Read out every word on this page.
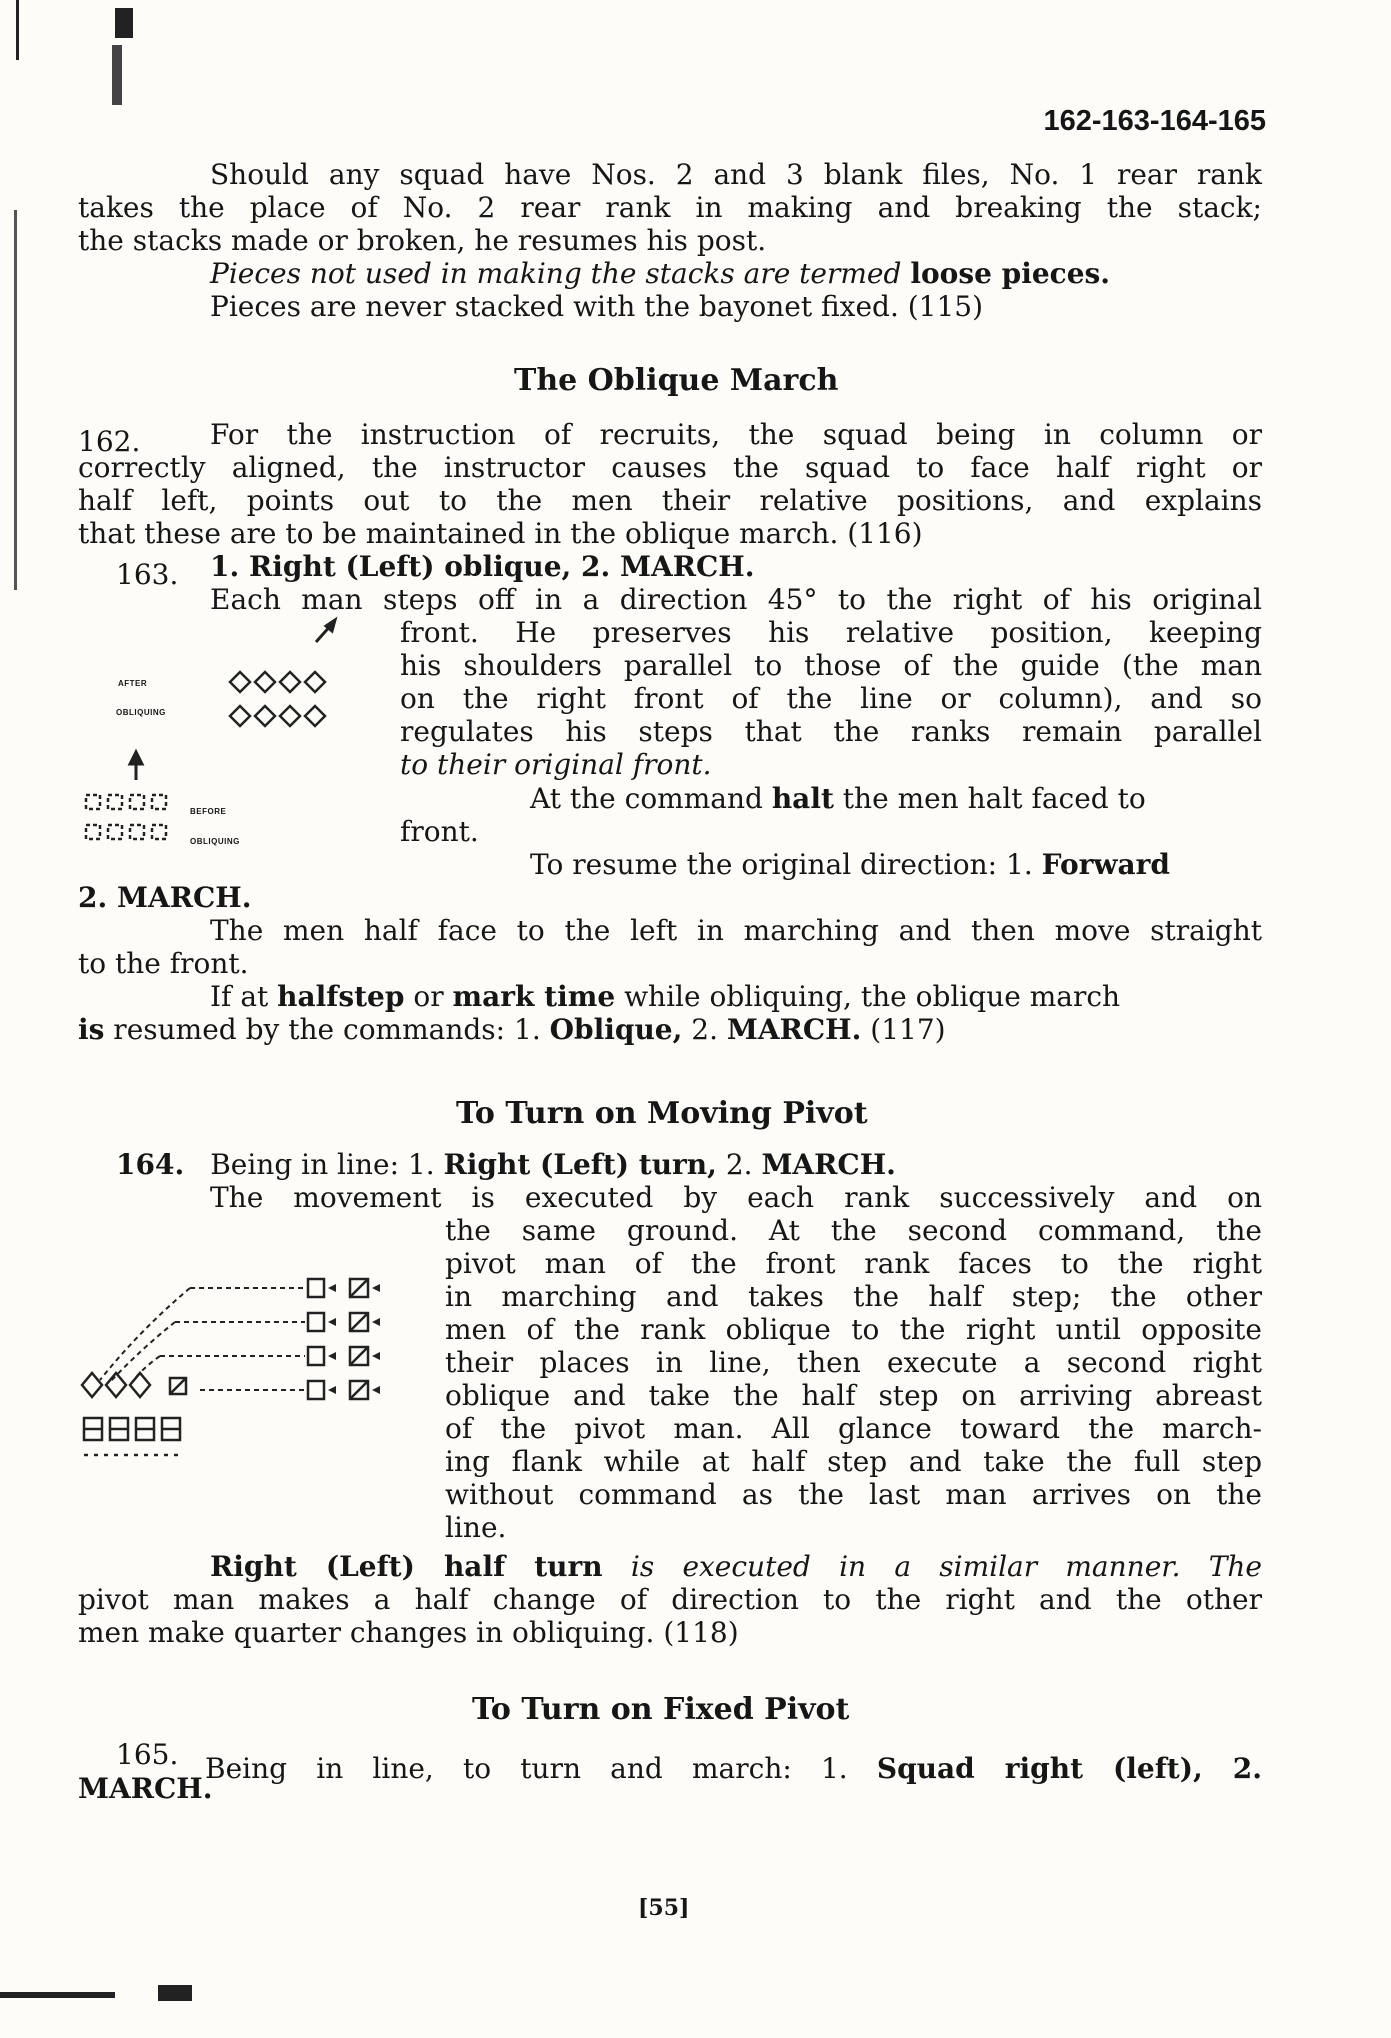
162-163-164-165
Should any squad have Nos. 2 and 3 blank files, No. 1 rear rank
takes the place of No. 2 rear rank in making and breaking the stack;
the stacks made or broken, he resumes his post.
Pieces not used in making the stacks are termed loose pieces.
Pieces are never stacked with the bayonet fixed. (115)
The Oblique March
162. For the instruction of recruits, the squad being in column or
correctly aligned, the instructor causes the squad to face half right or
half left, points out to the men their relative positions, and explains
that these are to be maintained in the oblique march. (116)
163. 1. Right (Left) oblique, 2. MARCH.
Each man steps off in a direction 45° to the right of his original
front. He preserves his relative position, keeping
his shoulders parallel to those of the guide (the man
on the right front of the line or column), and so
regulates his steps that the ranks remain parallel
to their original front.
At the command halt the men halt faced to
front.
To resume the original direction: 1. Forward
2. MARCH.
The men half face to the left in marching and then move straight
to the front.
If at halfstep or mark time while obliquing, the oblique march
is resumed by the commands: 1. Oblique, 2. MARCH. (117)
AFTER
OBLIQUING
BEFORE
OBLIQUING
To Turn on Moving Pivot
164. Being in line: 1. Right (Left) turn, 2. MARCH.
The movement is executed by each rank successively and on
the same ground. At the second command, the
pivot man of the front rank faces to the right
in marching and takes the half step; the other
men of the rank oblique to the right until opposite
their places in line, then execute a second right
oblique and take the half step on arriving abreast
of the pivot man. All glance toward the march-
ing flank while at half step and take the full step
without command as the last man arrives on the
line.
Right (Left) half turn is executed in a similar manner. The
pivot man makes a half change of direction to the right and the other
men make quarter changes in obliquing. (118)
To Turn on Fixed Pivot
165. Being in line, to turn and march: 1. Squad right (left), 2.
MARCH.
[55]
